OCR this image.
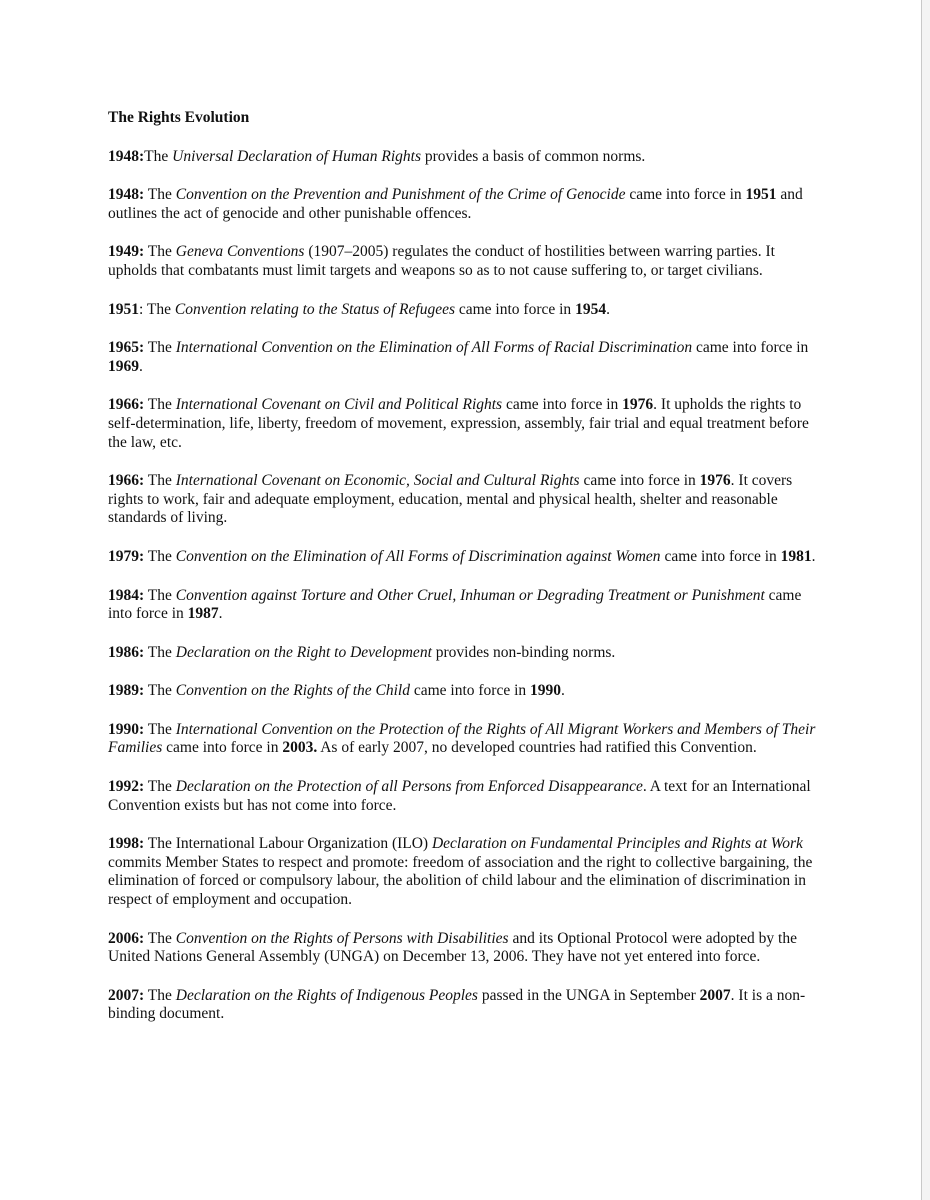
The Rights Evolution
1948:The Universal Declaration of Human Rights provides a basis of common norms.
1948: The Convention on the Prevention and Punishment of the Crime of Genocide came into force in 1951 and outlines the act of genocide and other punishable offences.
1949: The Geneva Conventions (1907–2005) regulates the conduct of hostilities between warring parties. It upholds that combatants must limit targets and weapons so as to not cause suffering to, or target civilians.
1951: The Convention relating to the Status of Refugees came into force in 1954.
1965: The International Convention on the Elimination of All Forms of Racial Discrimination came into force in 1969.
1966: The International Covenant on Civil and Political Rights came into force in 1976. It upholds the rights to self-determination, life, liberty, freedom of movement, expression, assembly, fair trial and equal treatment before the law, etc.
1966: The International Covenant on Economic, Social and Cultural Rights came into force in 1976. It covers rights to work, fair and adequate employment, education, mental and physical health, shelter and reasonable standards of living.
1979: The Convention on the Elimination of All Forms of Discrimination against Women came into force in 1981.
1984: The Convention against Torture and Other Cruel, Inhuman or Degrading Treatment or Punishment came into force in 1987.
1986: The Declaration on the Right to Development provides non-binding norms.
1989: The Convention on the Rights of the Child came into force in 1990.
1990: The International Convention on the Protection of the Rights of All Migrant Workers and Members of Their Families came into force in 2003. As of early 2007, no developed countries had ratified this Convention.
1992: The Declaration on the Protection of all Persons from Enforced Disappearance. A text for an International Convention exists but has not come into force.
1998: The International Labour Organization (ILO) Declaration on Fundamental Principles and Rights at Work commits Member States to respect and promote: freedom of association and the right to collective bargaining, the elimination of forced or compulsory labour, the abolition of child labour and the elimination of discrimination in respect of employment and occupation.
2006: The Convention on the Rights of Persons with Disabilities and its Optional Protocol were adopted by the United Nations General Assembly (UNGA) on December 13, 2006. They have not yet entered into force.
2007: The Declaration on the Rights of Indigenous Peoples passed in the UNGA in September 2007. It is a non-binding document.
